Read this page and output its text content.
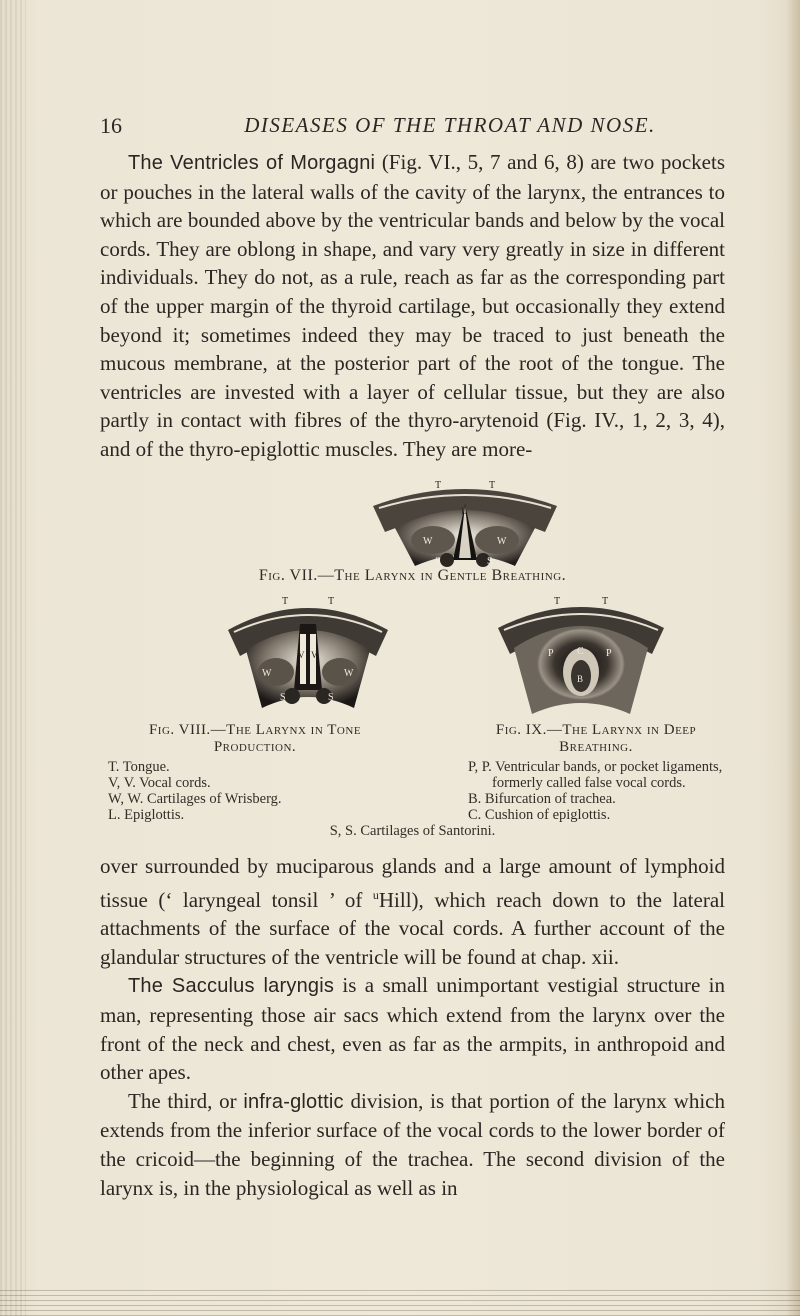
16	DISEASES OF THE THROAT AND NOSE.

The Ventricles of Morgagni (Fig. VI., 5, 7 and 6, 8) are two pockets or pouches in the lateral walls of the cavity of the larynx, the entrances to which are bounded above by the ventricular bands and below by the vocal cords. They are oblong in shape, and vary very greatly in size in different individuals. They do not, as a rule, reach as far as the corresponding part of the upper margin of the thyroid cartilage, but occasionally they extend beyond it; sometimes indeed they may be traced to just beneath the mucous membrane, at the posterior part of the root of the tongue. The ventricles are invested with a layer of cellular tissue, but they are also partly in contact with fibres of the thyro-arytenoid (Fig. IV., 1, 2, 3, 4), and of the thyro-epiglottic muscles. They are more-

T	T
L
W	W
S	S
Fig. VII.—The Larynx in Gentle Breathing.
T	T
V V
W	W
S	S
T	T
P	P
C
B
Fig. VIII.—The Larynx in Tone
Production.
Fig. IX.—The Larynx in Deep
Breathing.
T. Tongue.
V, V. Vocal cords.
W, W. Cartilages of Wrisberg.
L. Epiglottis.
P, P. Ventricular bands, or pocket ligaments,
formerly called false vocal cords.
B. Bifurcation of trachea.
C. Cushion of epiglottis.
S, S. Cartilages of Santorini.

over surrounded by muciparous glands and a large amount of lymphoid tissue (‘ laryngeal tonsil ’ of $^u$Hill), which reach down to the lateral attachments of the surface of the vocal cords. A further account of the glandular structures of the ventricle will be found at chap. xii.

The Sacculus laryngis is a small unimportant vestigial structure in man, representing those air sacs which extend from the larynx over the front of the neck and chest, even as far as the armpits, in anthropoid and other apes.

The third, or infra-glottic division, is that portion of the larynx which extends from the inferior surface of the vocal cords to the lower border of the cricoid—the beginning of the trachea. The second division of the larynx is, in the physiological as well as in
